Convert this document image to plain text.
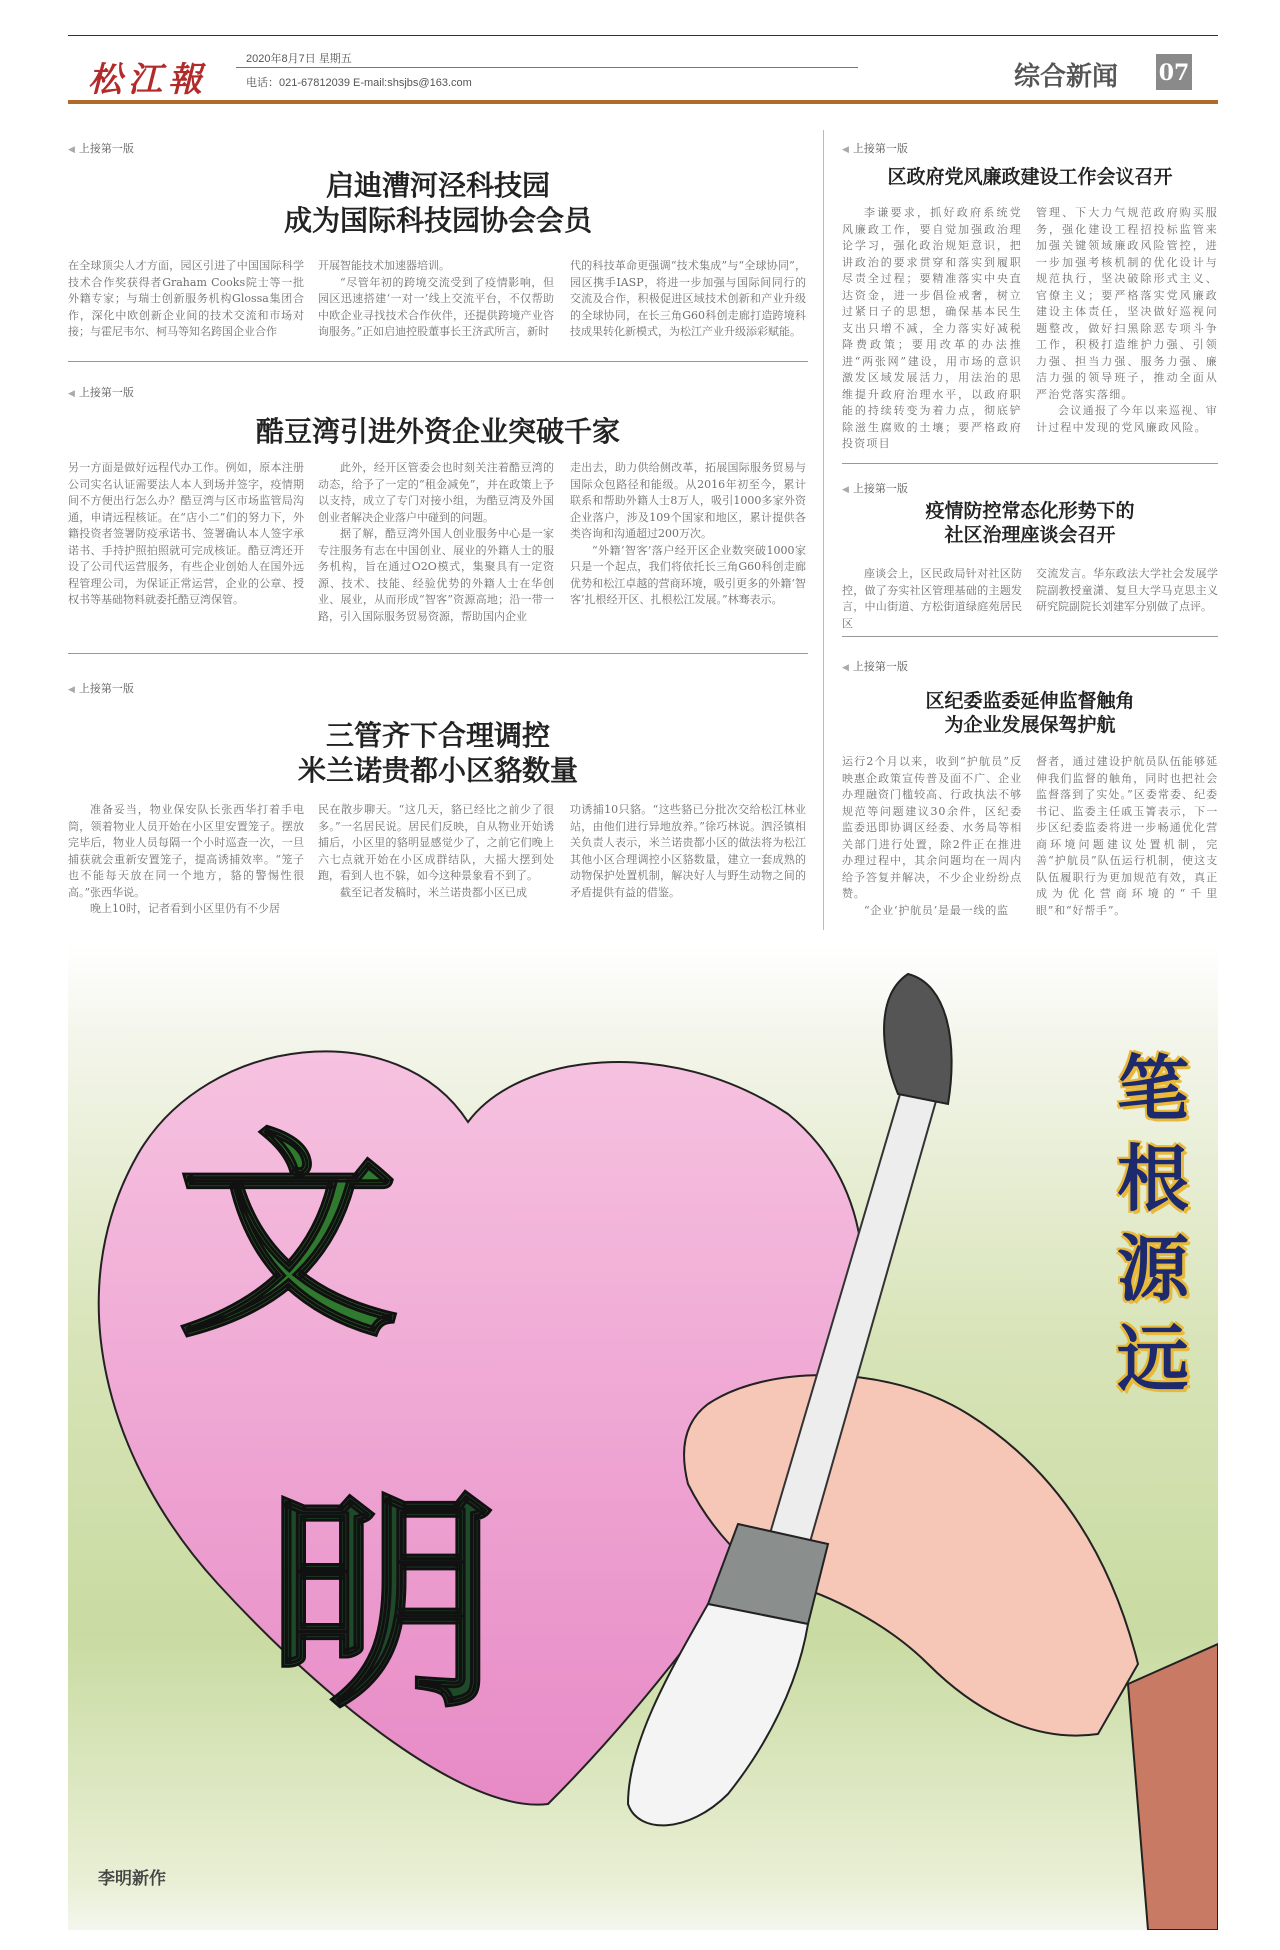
松江報
2020年8月7日 星期五
电话：021-67812039 E-mail:shsjbs@163.com	综合新闻 07
◀ 上接第一版
启迪漕河泾科技园
成为国际科技园协会会员

在全球顶尖人才方面，园区引进了中国国际科学技术合作奖获得者Graham Cooks院士等一批外籍专家；与瑞士创新服务机构Glossa集团合作，深化中欧创新企业间的技术交流和市场对接；与霍尼韦尔、柯马等知名跨国企业合作

开展智能技术加速器培训。

“尽管年初的跨境交流受到了疫情影响，但园区迅速搭建‘一对一’线上交流平台，不仅帮助中欧企业寻找技术合作伙伴，还提供跨境产业咨询服务。”正如启迪控股董事长王济武所言，新时

代的科技革命更强调“技术集成”与“全球协同”，园区携手IASP，将进一步加强与国际间同行的交流及合作，积极促进区域技术创新和产业升级的全球协同，在长三角G60科创走廊打造跨境科技成果转化新模式，为松江产业升级添彩赋能。

◀ 上接第一版
酷豆湾引进外资企业突破千家

另一方面是做好远程代办工作。例如，原本注册公司实名认证需要法人本人到场并签字，疫情期间不方便出行怎么办？酷豆湾与区市场监管局沟通，申请远程核证。在“店小二”们的努力下，外籍投资者签署防疫承诺书、签署确认本人签字承诺书、手持护照拍照就可完成核证。酷豆湾还开设了公司代运营服务，有些企业创始人在国外远程管理公司，为保证正常运营，企业的公章、授权书等基础物料就委托酷豆湾保管。

此外，经开区管委会也时刻关注着酷豆湾的动态，给予了一定的“租金减免”，并在政策上予以支持，成立了专门对接小组，为酷豆湾及外国创业者解决企业落户中碰到的问题。

据了解，酷豆湾外国人创业服务中心是一家专注服务有志在中国创业、展业的外籍人士的服务机构，旨在通过O2O模式，集聚具有一定资源、技术、技能、经验优势的外籍人士在华创业、展业，从而形成“智客”资源高地；沿一带一路，引入国际服务贸易资源，帮助国内企业

走出去，助力供给侧改革，拓展国际服务贸易与国际众包路径和能级。从2016年初至今，累计联系和帮助外籍人士8万人，吸引1000多家外资企业落户，涉及109个国家和地区，累计提供各类咨询和沟通超过200万次。

“外籍‘智客’落户经开区企业数突破1000家只是一个起点，我们将依托长三角G60科创走廊优势和松江卓越的营商环境，吸引更多的外籍‘智客’扎根经开区、扎根松江发展。”林骞表示。

◀ 上接第一版
三管齐下合理调控
米兰诺贵都小区貉数量

准备妥当，物业保安队长张西华打着手电筒，领着物业人员开始在小区里安置笼子。摆放完毕后，物业人员每隔一个小时巡查一次，一旦捕获就会重新安置笼子，提高诱捕效率。“笼子也不能每天放在同一个地方，貉的警惕性很高。”张西华说。

晚上10时，记者看到小区里仍有不少居

民在散步聊天。“这几天，貉已经比之前少了很多。”一名居民说。居民们反映，自从物业开始诱捕后，小区里的貉明显感觉少了，之前它们晚上六七点就开始在小区成群结队，大摇大摆到处跑，看到人也不躲，如今这种景象看不到了。

截至记者发稿时，米兰诺贵都小区已成

功诱捕10只貉。“这些貉已分批次交给松江林业站，由他们进行异地放养。”徐巧林说。泗泾镇相关负责人表示，米兰诺贵都小区的做法将为松江其他小区合理调控小区貉数量，建立一套成熟的动物保护处置机制，解决好人与野生动物之间的矛盾提供有益的借鉴。

◀ 上接第一版
区政府党风廉政建设工作会议召开

李谦要求，抓好政府系统党风廉政工作，要自觉加强政治理论学习，强化政治规矩意识，把讲政治的要求贯穿和落实到履职尽责全过程；要精准落实中央直达资金，进一步倡俭戒奢，树立过紧日子的思想，确保基本民生支出只增不减，全力落实好减税降费政策；要用改革的办法推进“两张网”建设，用市场的意识激发区域发展活力，用法治的思维提升政府治理水平，以政府职能的持续转变为着力点，彻底铲除滋生腐败的土壤；要严格政府投资项目

管理、下大力气规范政府购买服务，强化建设工程招投标监管来加强关键领域廉政风险管控，进一步加强考核机制的优化设计与规范执行，坚决破除形式主义、官僚主义；要严格落实党风廉政建设主体责任，坚决做好巡视问题整改，做好扫黑除恶专项斗争工作，积极打造维护力强、引领力强、担当力强、服务力强、廉洁力强的领导班子，推动全面从严治党落实落细。

会议通报了今年以来巡视、审计过程中发现的党风廉政风险。

◀ 上接第一版
疫情防控常态化形势下的
社区治理座谈会召开

座谈会上，区民政局针对社区防控，做了夯实社区管理基础的主题发言，中山街道、方松街道绿庭苑居民区

交流发言。华东政法大学社会发展学院副教授童潇、复旦大学马克思主义研究院副院长刘建军分别做了点评。

◀ 上接第一版
区纪委监委延伸监督触角
为企业发展保驾护航

运行2个月以来，收到“护航员”反映惠企政策宣传普及面不广、企业办理融资门槛较高、行政执法不够规范等问题建议30余件，区纪委监委迅即协调区经委、水务局等相关部门进行处置，除2件正在推进办理过程中，其余问题均在一周内给予答复并解决，不少企业纷纷点赞。

“企业‘护航员’是最一线的监

督者，通过建设护航员队伍能够延伸我们监督的触角，同时也把社会监督落到了实处。”区委常委、纪委书记、监委主任戚玉箐表示，下一步区纪委监委将进一步畅通优化营商环境问题建议处置机制，完善“护航员”队伍运行机制，使这支队伍履职行为更加规范有效，真正成为优化营商环境的“千里眼”和“好帮手”。

文
明
笔根源远
李明新作
